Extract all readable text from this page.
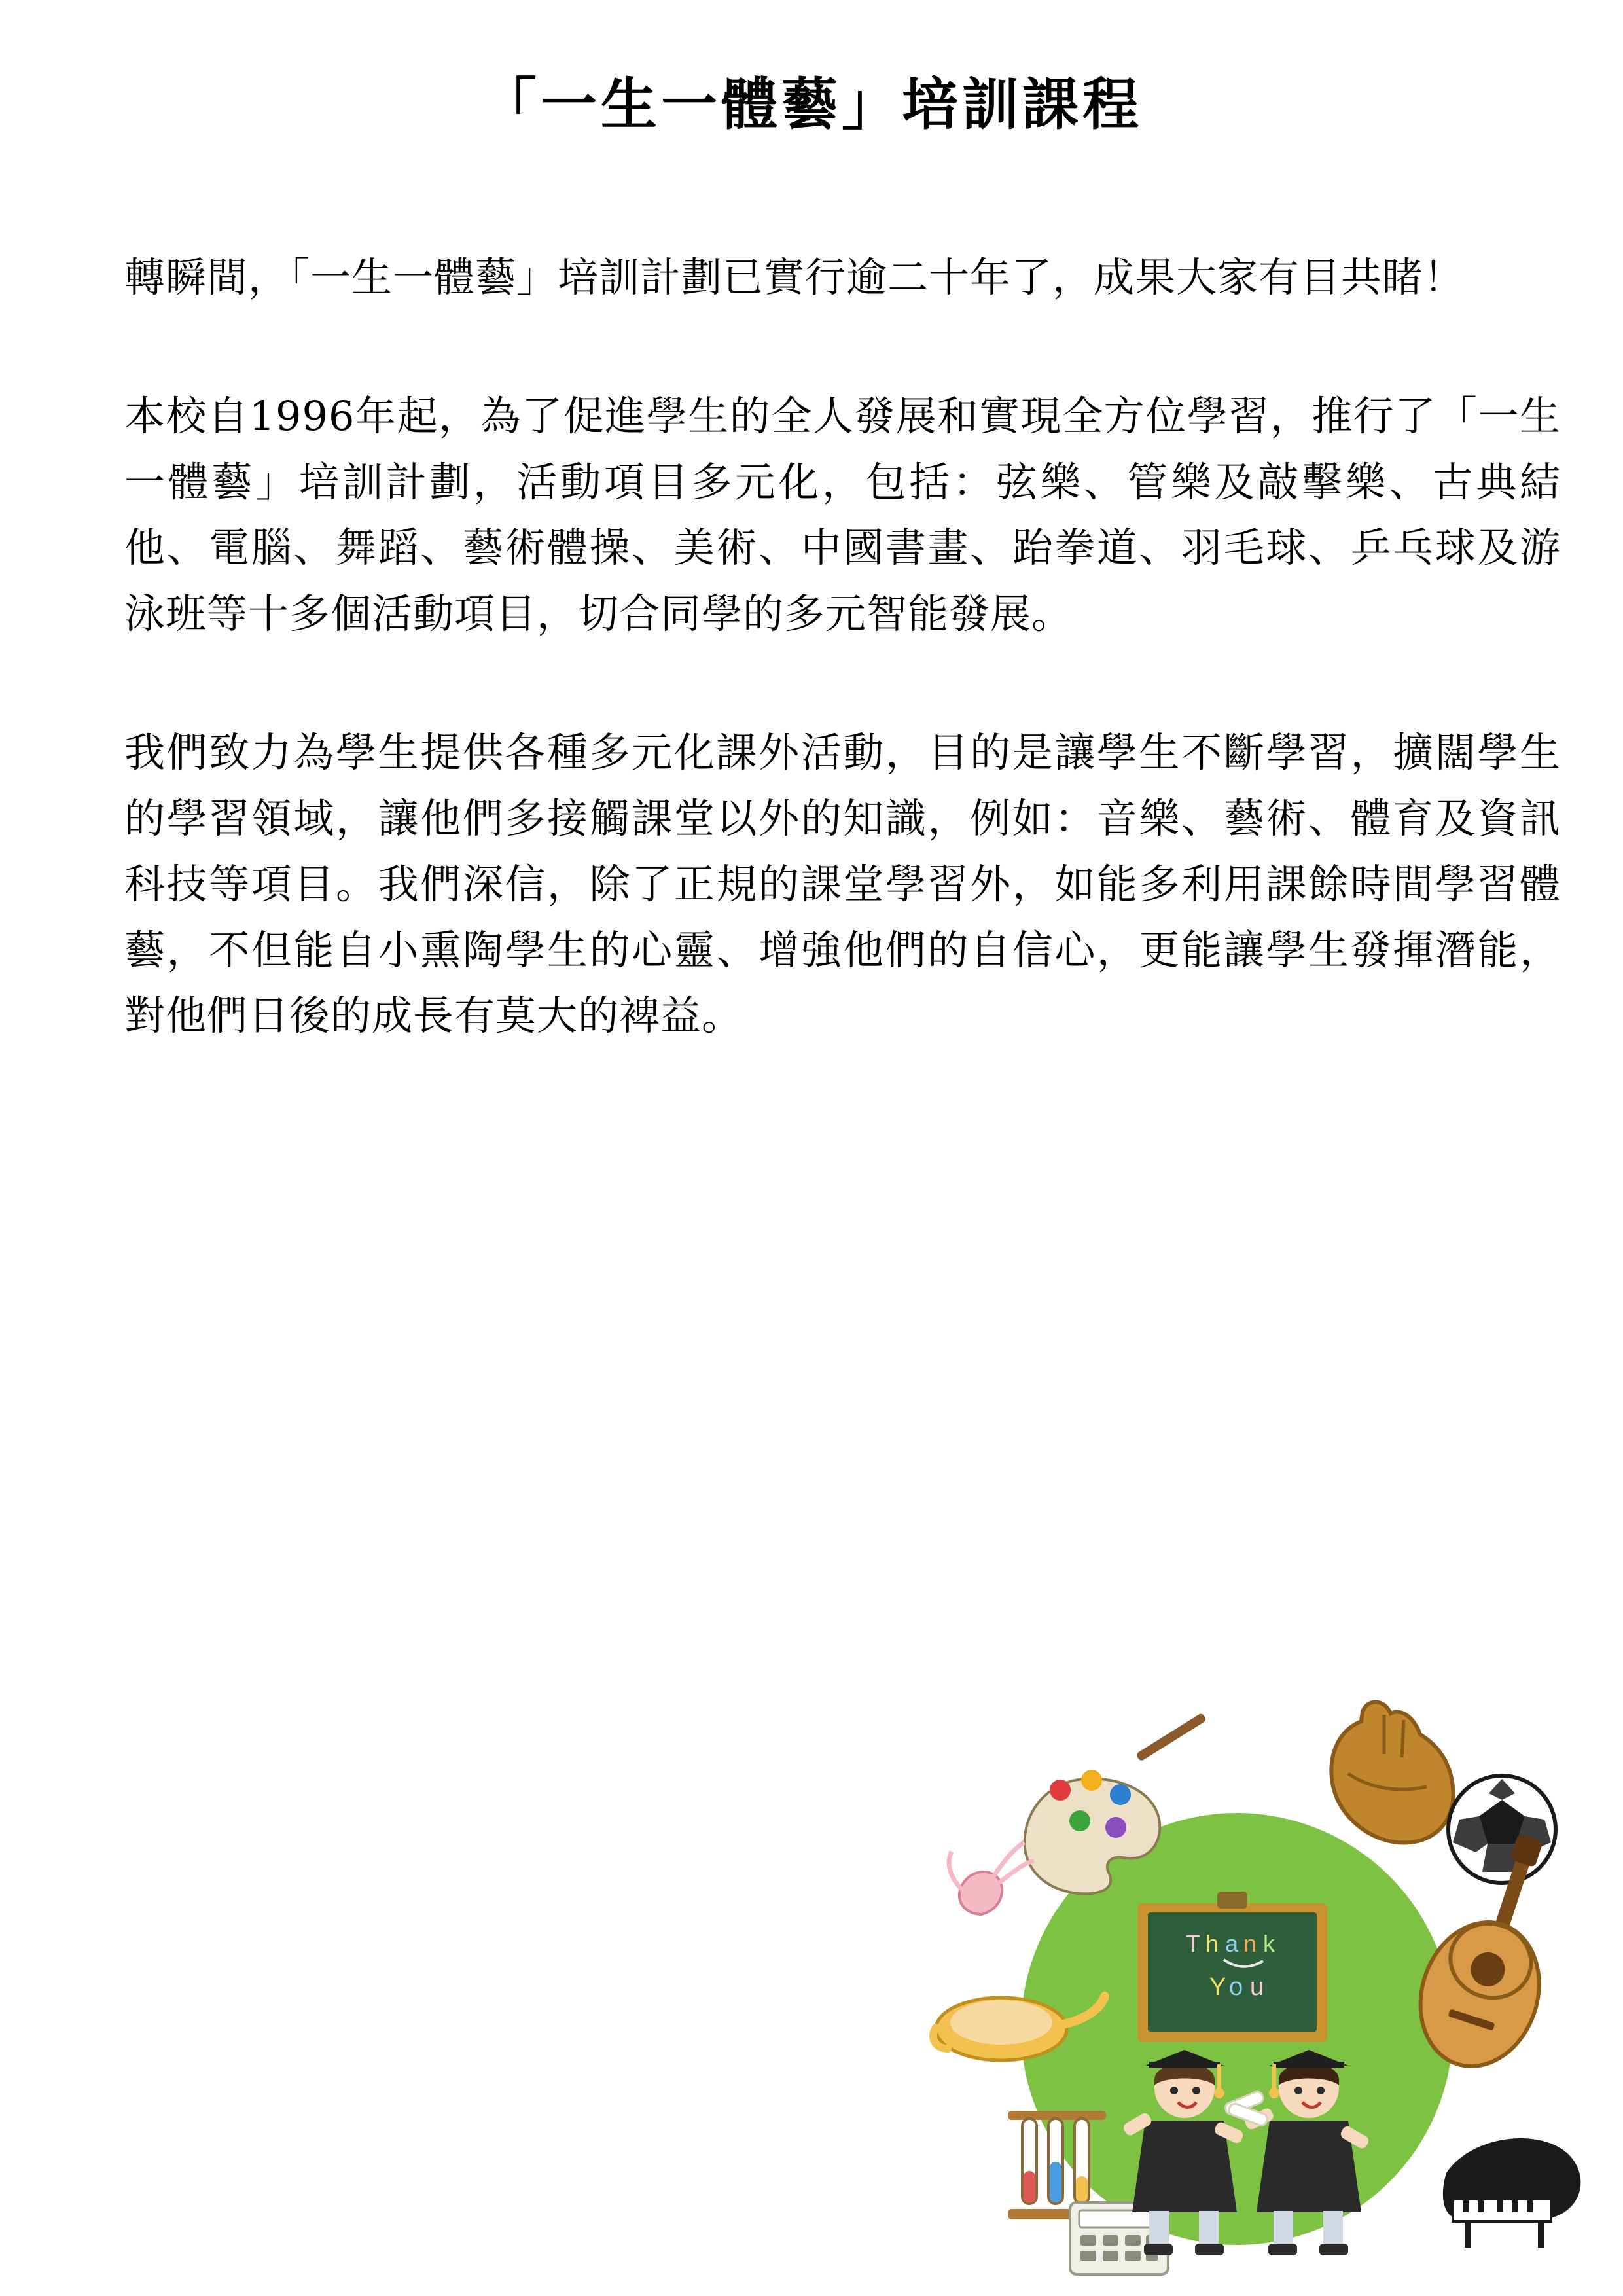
「一生一體藝」培訓課程

轉瞬間，「一生一體藝」培訓計劃已實行逾二十年了，成果大家有目共睹！

本校自1996年起，為了促進學生的全人發展和實現全方位學習，推行了「一生一體藝」培訓計劃，活動項目多元化，包括：弦樂、管樂及敲擊樂、古典結他、電腦、舞蹈、藝術體操、美術、中國書畫、跆拳道、羽毛球、乒乓球及游泳班等十多個活動項目，切合同學的多元智能發展。

我們致力為學生提供各種多元化課外活動，目的是讓學生不斷學習，擴闊學生的學習領域，讓他們多接觸課堂以外的知識，例如：音樂、藝術、體育及資訊科技等項目。我們深信，除了正規的課堂學習外，如能多利用課餘時間學習體藝，不但能自小熏陶學生的心靈、增強他們的自信心，更能讓學生發揮潛能，對他們日後的成長有莫大的裨益。

T h a n k
Y o u
